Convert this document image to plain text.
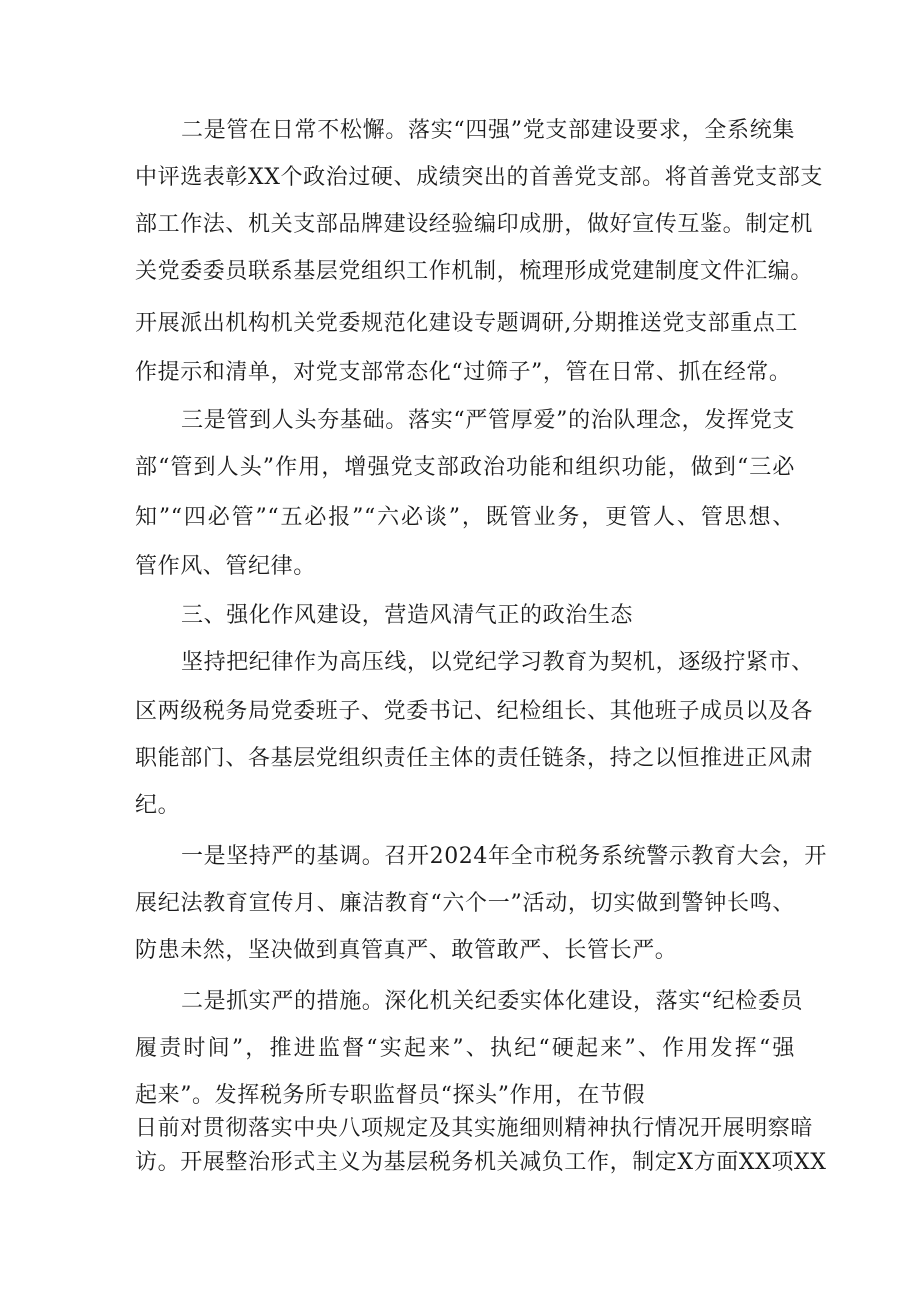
二是管在日常不松懈。落实“四强”党支部建设要求，全系统集
中评选表彰XX个政治过硬、成绩突出的首善党支部。将首善党支部支
部工作法、机关支部品牌建设经验编印成册，做好宣传互鉴。制定机
关党委委员联系基层党组织工作机制，梳理形成党建制度文件汇编。
开展派出机构机关党委规范化建设专题调研,分期推送党支部重点工
作提示和清单，对党支部常态化“过筛子”，管在日常、抓在经常。
三是管到人头夯基础。落实“严管厚爱”的治队理念，发挥党支
部“管到人头”作用，增强党支部政治功能和组织功能，做到“三必
知”“四必管”“五必报”“六必谈”，既管业务，更管人、管思想、
管作风、管纪律。
三、强化作风建设，营造风清气正的政治生态
坚持把纪律作为高压线，以党纪学习教育为契机，逐级拧紧市、
区两级税务局党委班子、党委书记、纪检组长、其他班子成员以及各
职能部门、各基层党组织责任主体的责任链条，持之以恒推进正风肃
纪。
一是坚持严的基调。召开2024年全市税务系统警示教育大会，开
展纪法教育宣传月、廉洁教育“六个一”活动，切实做到警钟长鸣、
防患未然，坚决做到真管真严、敢管敢严、长管长严。
二是抓实严的措施。深化机关纪委实体化建设，落实“纪检委员
履责时间”，推进监督“实起来”、执纪“硬起来”、作用发挥“强
起来”。发挥税务所专职监督员“探头”作用，在节假
日前对贯彻落实中央八项规定及其实施细则精神执行情况开展明察暗
访。开展整治形式主义为基层税务机关减负工作，制定X方面XX项XX
